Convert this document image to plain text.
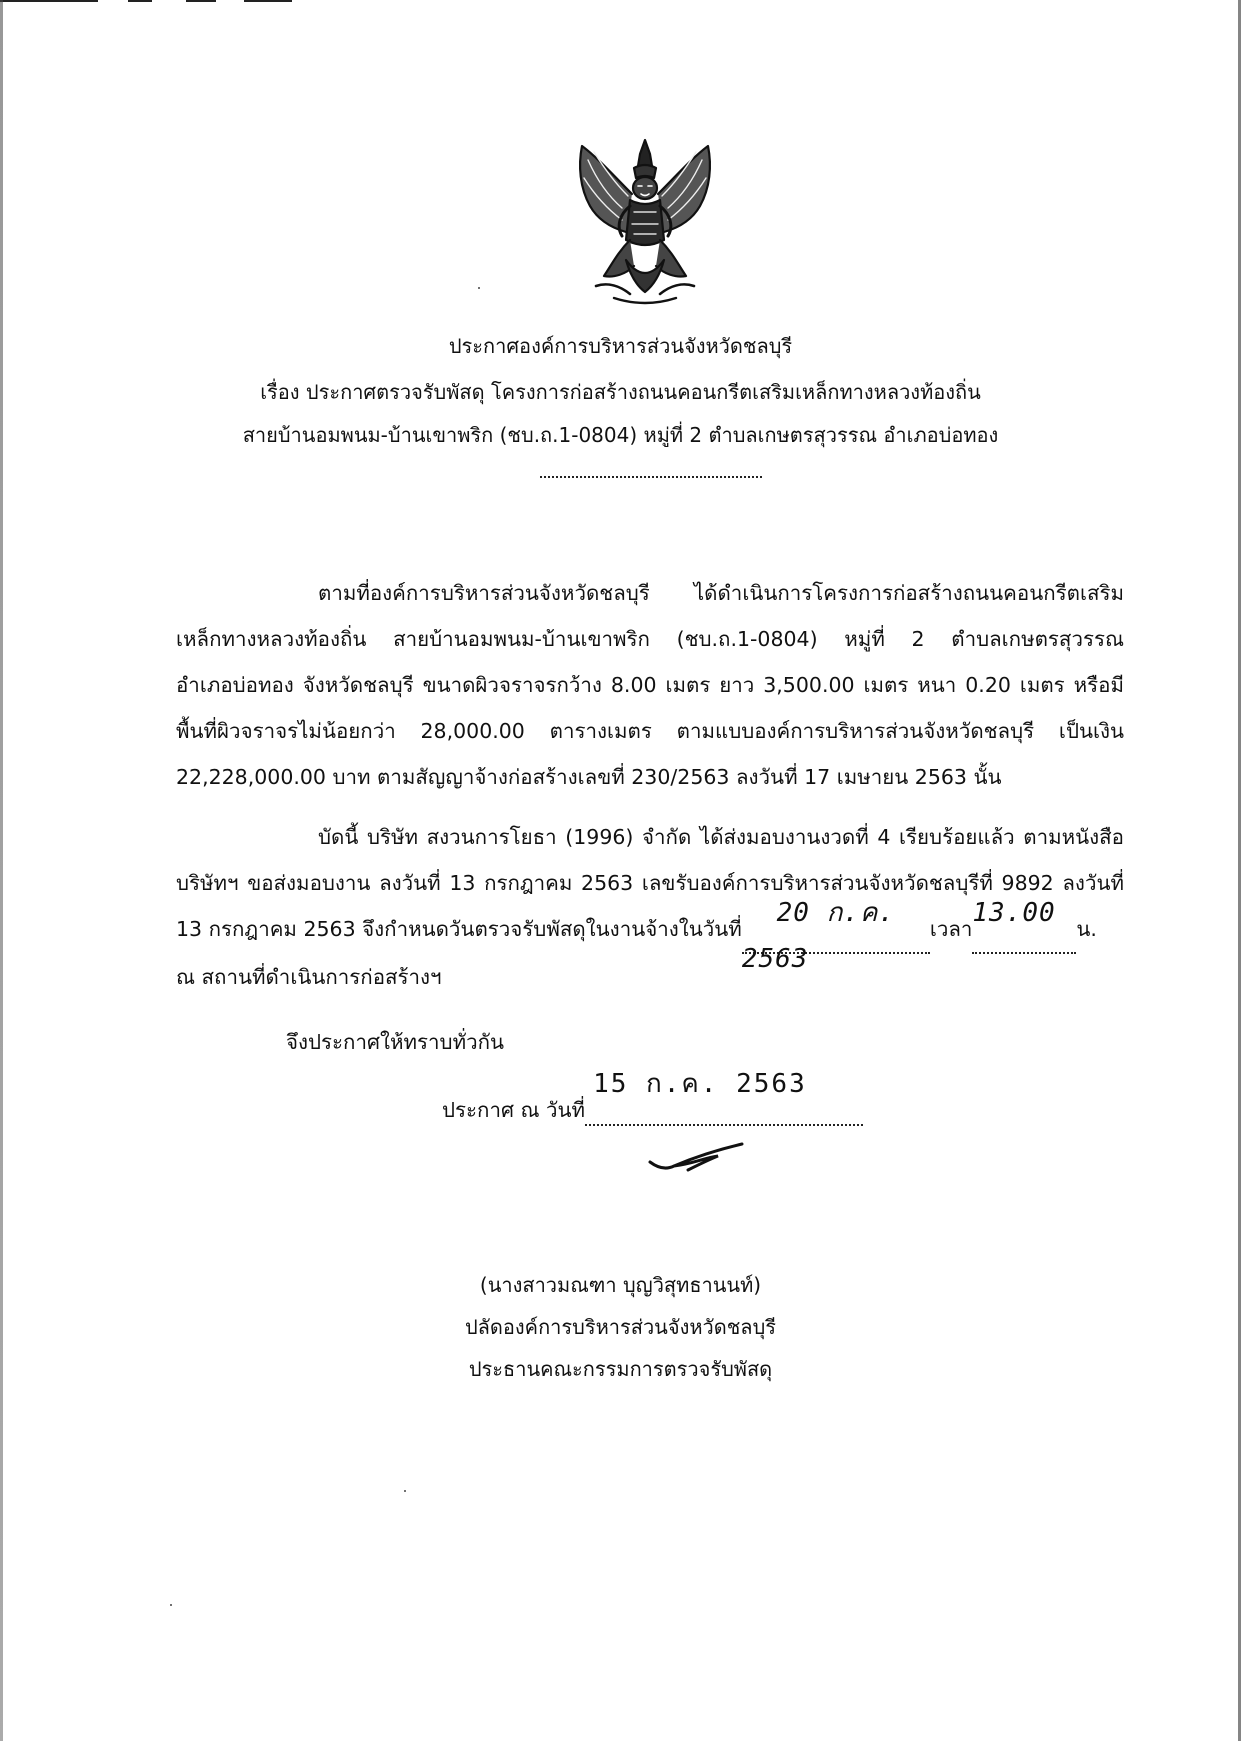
ประกาศองค์การบริหารส่วนจังหวัดชลบุรี
เรื่อง ประกาศตรวจรับพัสดุ โครงการก่อสร้างถนนคอนกรีตเสริมเหล็กทางหลวงท้องถิ่น
สายบ้านอมพนม-บ้านเขาพริก (ชบ.ถ.1-0804) หมู่ที่ 2 ตำบลเกษตรสุวรรณ อำเภอบ่อทอง

ตามที่องค์การบริหารส่วนจังหวัดชลบุรี ได้ดำเนินการโครงการก่อสร้างถนนคอนกรีตเสริม

เหล็กทางหลวงท้องถิ่น สายบ้านอมพนม-บ้านเขาพริก (ชบ.ถ.1-0804) หมู่ที่ 2 ตำบลเกษตรสุวรรณ

อำเภอบ่อทอง จังหวัดชลบุรี ขนาดผิวจราจรกว้าง 8.00 เมตร ยาว 3,500.00 เมตร หนา 0.20 เมตร หรือมี

พื้นที่ผิวจราจรไม่น้อยกว่า 28,000.00 ตารางเมตร ตามแบบองค์การบริหารส่วนจังหวัดชลบุรี เป็นเงิน

22,228,000.00 บาท ตามสัญญาจ้างก่อสร้างเลขที่ 230/2563 ลงวันที่ 17 เมษายน 2563 นั้น

บัดนี้ บริษัท สงวนการโยธา (1996) จำกัด ได้ส่งมอบงานงวดที่ 4 เรียบร้อยแล้ว ตามหนังสือ

บริษัทฯ ขอส่งมอบงาน ลงวันที่ 13 กรกฎาคม 2563 เลขรับองค์การบริหารส่วนจังหวัดชลบุรีที่ 9892 ลงวันที่

13 กรกฎาคม 2563 จึงกำหนดวันตรวจรับพัสดุในงานจ้างในวันที่
20 ก.ค. 2563
เวลา
13.00
น.

ณ สถานที่ดำเนินการก่อสร้างฯ

จึงประกาศให้ทราบทั่วกัน
ประกาศ ณ วันที่
15 ก.ค. 2563

(นางสาวมณฑา บุญวิสุทธานนท์)
ปลัดองค์การบริหารส่วนจังหวัดชลบุรี
ประธานคณะกรรมการตรวจรับพัสดุ
